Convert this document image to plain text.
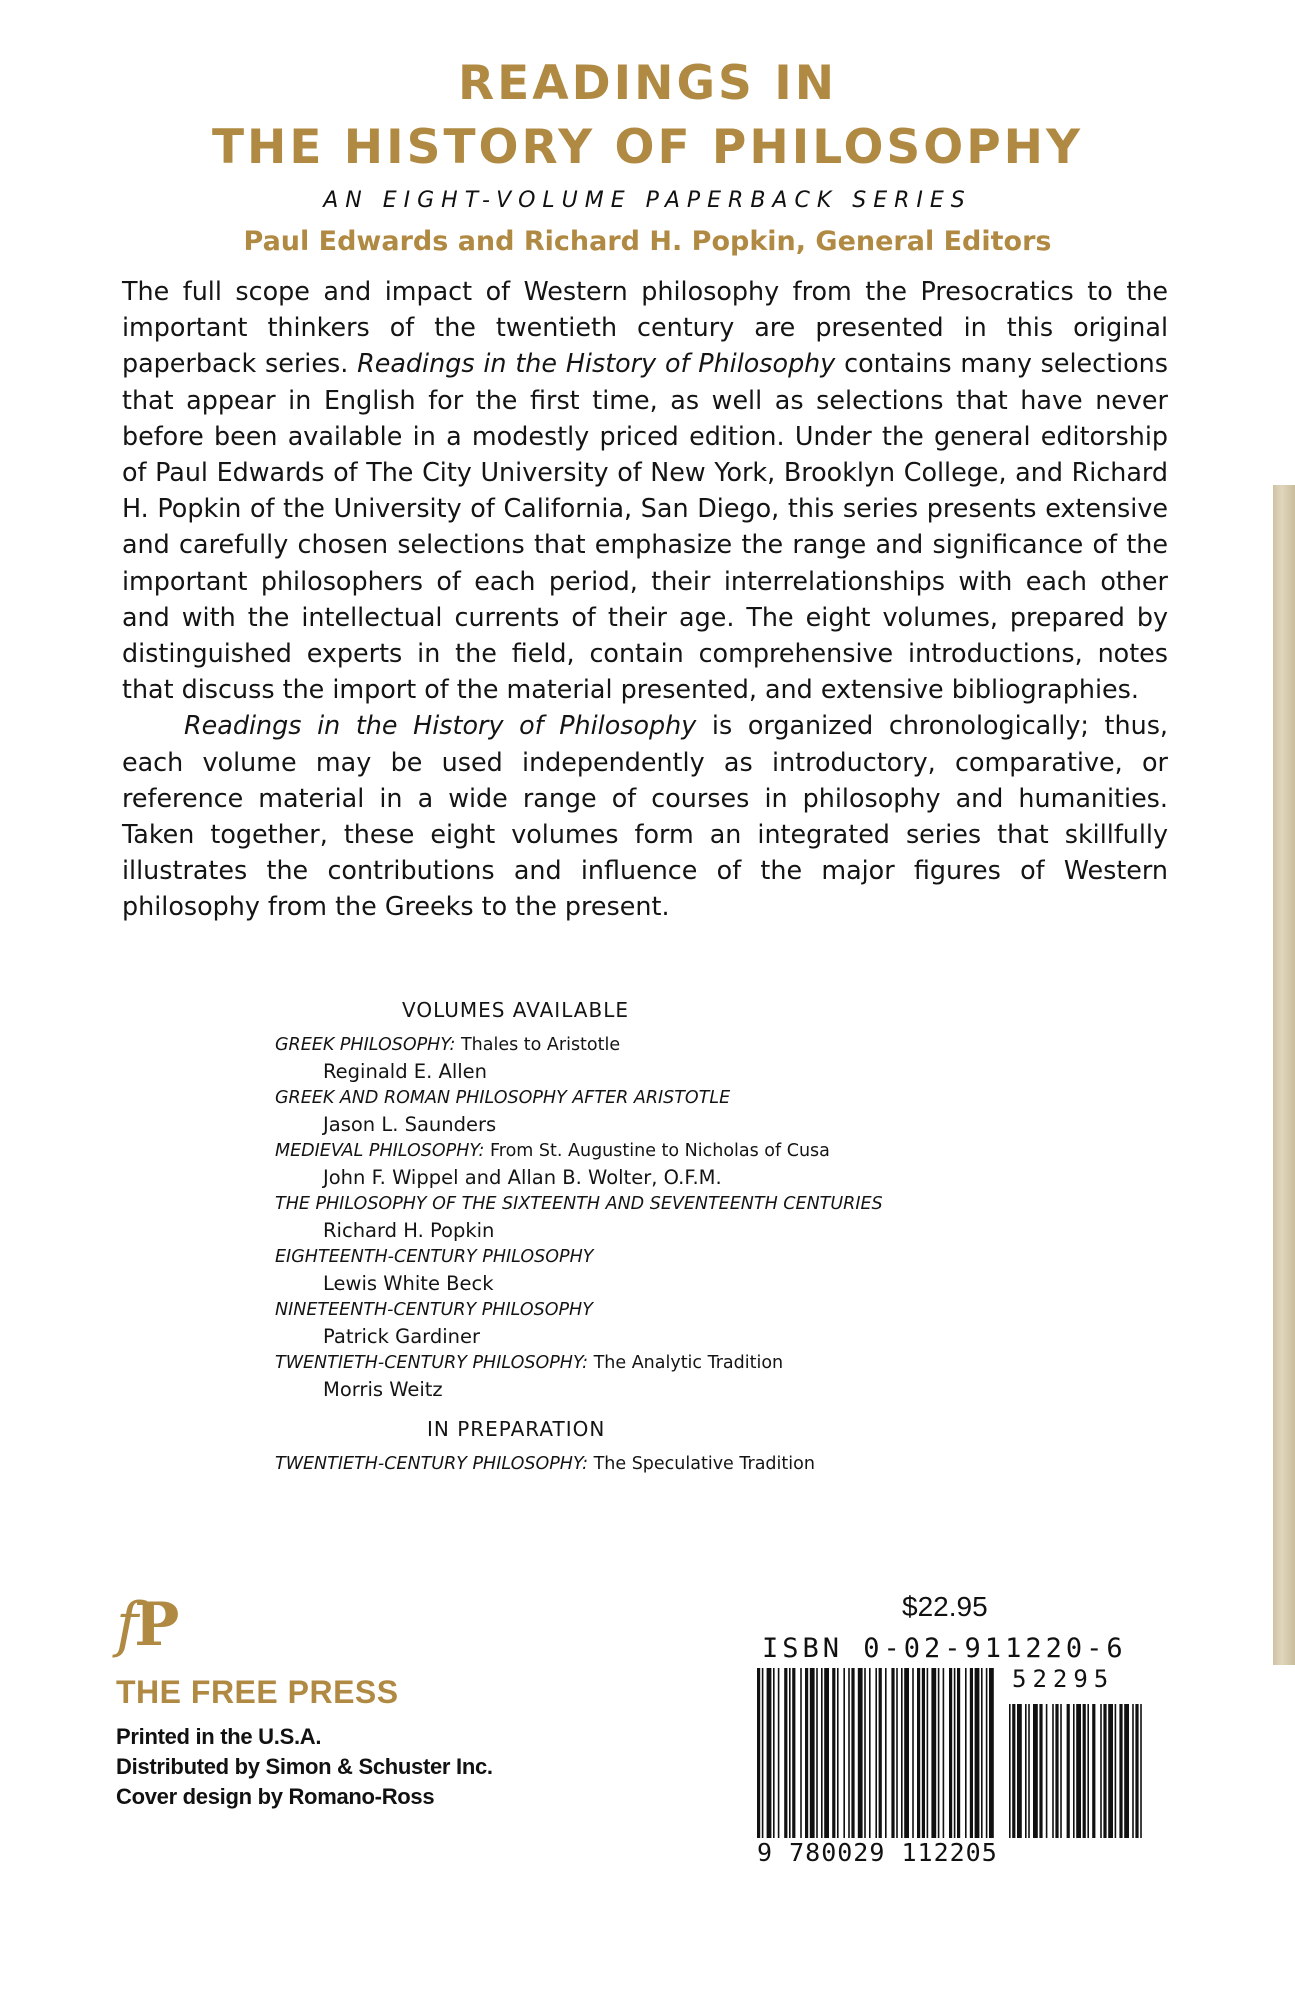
READINGS IN
THE HISTORY OF PHILOSOPHY
AN EIGHT-VOLUME PAPERBACK SERIES
Paul Edwards and Richard H. Popkin, General Editors

The full scope and impact of Western philosophy from the Presocratics to the important thinkers of the twentieth century are presented in this original paperback series. Readings in the History of Philosophy contains many selections that appear in English for the first time, as well as selections that have never before been available in a modestly priced edition. Under the general editorship of Paul Edwards of The City University of New York, Brooklyn College, and Richard H. Popkin of the University of California, San Diego, this series presents extensive and carefully chosen selections that emphasize the range and significance of the important philosophers of each period, their interrelationships with each other and with the intellectual currents of their age. The eight volumes, prepared by distinguished experts in the field, contain comprehensive introductions, notes that discuss the import of the material presented, and extensive bibliographies.

Readings in the History of Philosophy is organized chronologically; thus, each volume may be used independently as introductory, comparative, or reference material in a wide range of courses in philosophy and humanities. Taken together, these eight volumes form an integrated series that skillfully illustrates the contributions and influence of the major figures of Western philosophy from the Greeks to the present.

VOLUMES AVAILABLE
GREEK PHILOSOPHY: Thales to Aristotle
Reginald E. Allen
GREEK AND ROMAN PHILOSOPHY AFTER ARISTOTLE
Jason L. Saunders
MEDIEVAL PHILOSOPHY: From St. Augustine to Nicholas of Cusa
John F. Wippel and Allan B. Wolter, O.F.M.
THE PHILOSOPHY OF THE SIXTEENTH AND SEVENTEENTH CENTURIES
Richard H. Popkin
EIGHTEENTH-CENTURY PHILOSOPHY
Lewis White Beck
NINETEENTH-CENTURY PHILOSOPHY
Patrick Gardiner
TWENTIETH-CENTURY PHILOSOPHY: The Analytic Tradition
Morris Weitz
IN PREPARATION
TWENTIETH-CENTURY PHILOSOPHY: The Speculative Tradition
fP
THE FREE PRESS
Printed in the U.S.A.
Distributed by Simon & Schuster Inc.
Cover design by Romano-Ross
$22.95
ISBN 0-02-911220-6
52295
9 780029 112205
